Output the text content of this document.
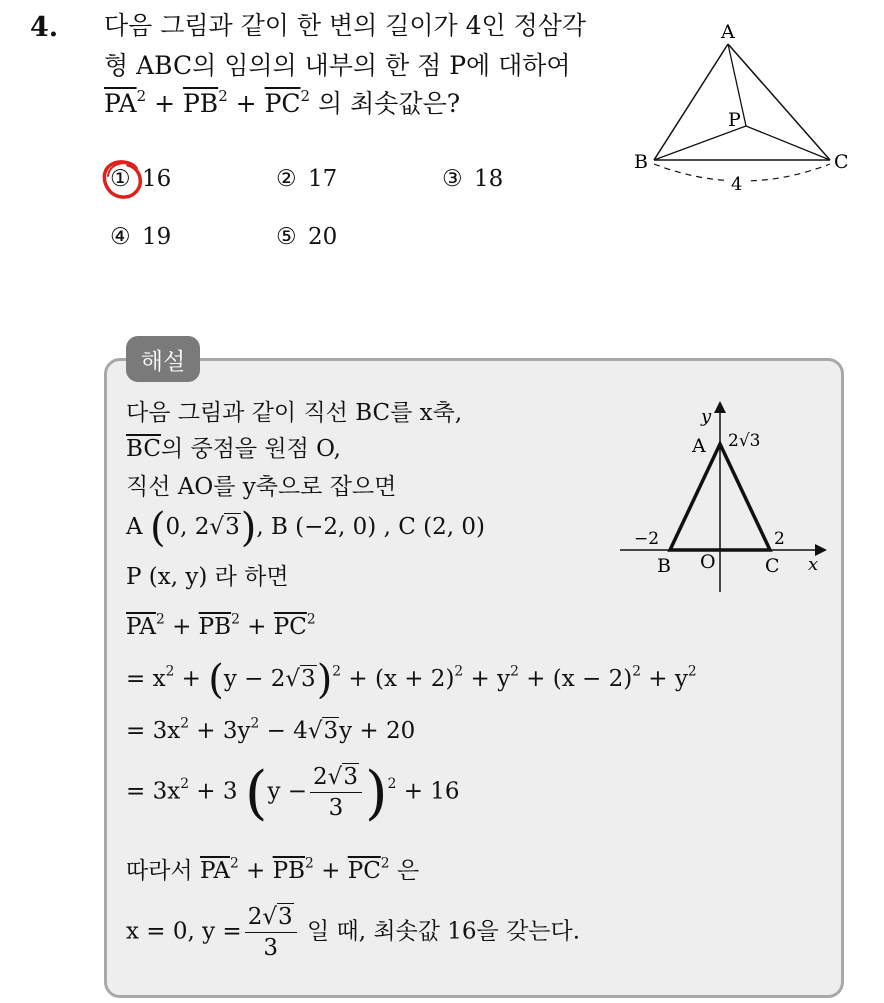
4. 다음 그림과 같이 한 변의 길이가 4인 정삼각
형 ABC의 임의의 내부의 한 점 P에 대하여
$\overline{PA}^2 + \overline{PB}^2 + \overline{PC}^2$ 의 최솟값은?
① 16	② 17	③ 18
④ 19	⑤ 20
A
B	C
P
4
해설
다음 그림과 같이 직선 BC를 x축,
$\overline{BC}$의 중점을 원점 O,
직선 AO를 y축으로 잡으면
A (0, 2√3), B (−2, 0) , C (2, 0)
P (x, y) 라 하면
$\overline{PA}^2 + \overline{PB}^2 + \overline{PC}^2$
= $x^2 + (y - 2√3)^2 + (x + 2)^2 + y^2 + (x - 2)^2 + y^2$
= $3x^2 + 3y^2 - 4√3y + 20$
= $3x^2 + 3$ $(y - \frac{2√3}{3} )^2 + 16$
따라서 $\overline{PA}^2 + \overline{PB}^2 + \overline{PC}^2$ 은
x = 0, $y = \frac{2√3}{3}$ 일 때, 최솟값 16을 갖는다.
y
x
A 2√3
−2	2
B O	C
